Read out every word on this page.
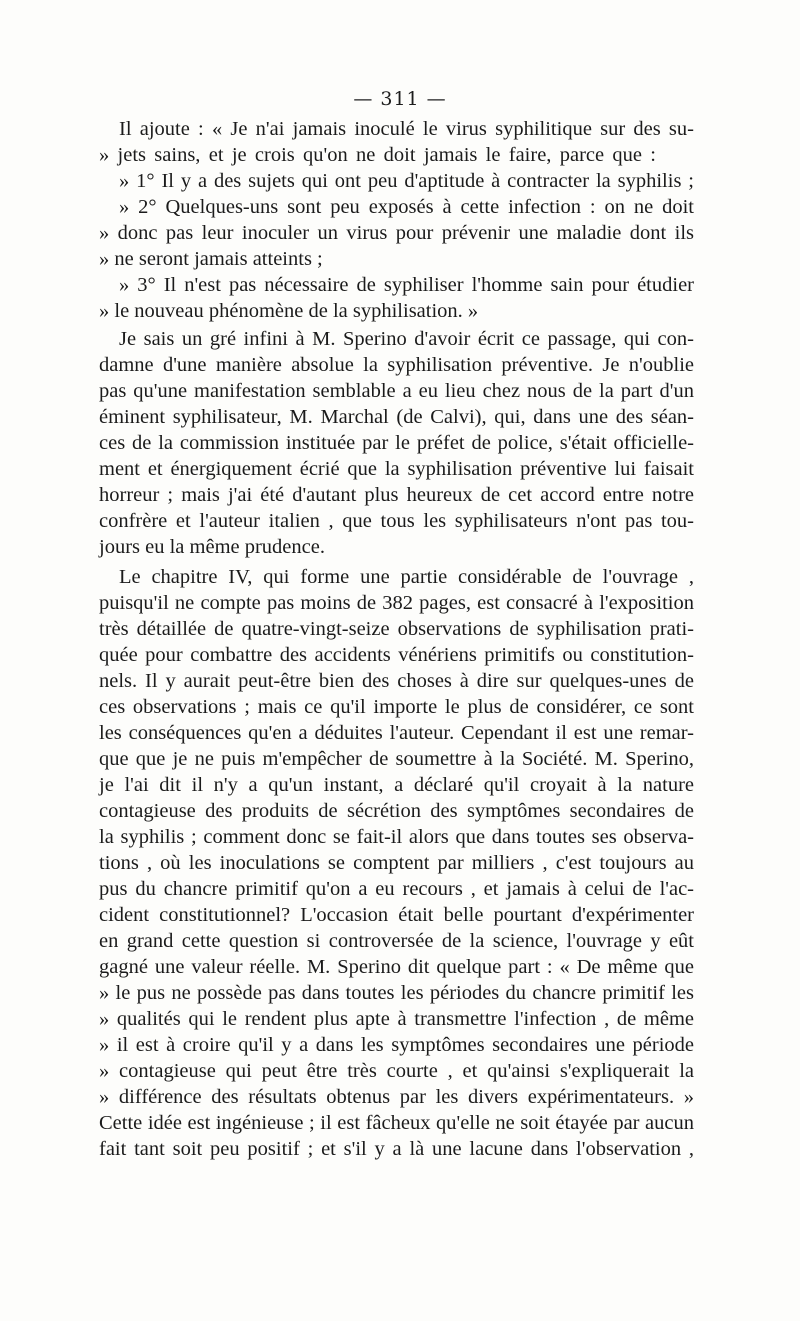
— 311 —
Il ajoute : « Je n'ai jamais inoculé le virus syphilitique sur des su-
» jets sains, et je crois qu'on ne doit jamais le faire, parce que :
» 1° Il y a des sujets qui ont peu d'aptitude à contracter la syphilis ;
» 2° Quelques-uns sont peu exposés à cette infection : on ne doit
» donc pas leur inoculer un virus pour prévenir une maladie dont ils
» ne seront jamais atteints ;
» 3° Il n'est pas nécessaire de syphiliser l'homme sain pour étudier
» le nouveau phénomène de la syphilisation. »
Je sais un gré infini à M. Sperino d'avoir écrit ce passage, qui con-
damne d'une manière absolue la syphilisation préventive. Je n'oublie
pas qu'une manifestation semblable a eu lieu chez nous de la part d'un
éminent syphilisateur, M. Marchal (de Calvi), qui, dans une des séan-
ces de la commission instituée par le préfet de police, s'était officielle-
ment et énergiquement écrié que la syphilisation préventive lui faisait
horreur ; mais j'ai été d'autant plus heureux de cet accord entre notre
confrère et l'auteur italien , que tous les syphilisateurs n'ont pas tou-
jours eu la même prudence.
Le chapitre IV, qui forme une partie considérable de l'ouvrage ,
puisqu'il ne compte pas moins de 382 pages, est consacré à l'exposition
très détaillée de quatre-vingt-seize observations de syphilisation prati-
quée pour combattre des accidents vénériens primitifs ou constitution-
nels. Il y aurait peut-être bien des choses à dire sur quelques-unes de
ces observations ; mais ce qu'il importe le plus de considérer, ce sont
les conséquences qu'en a déduites l'auteur. Cependant il est une remar-
que que je ne puis m'empêcher de soumettre à la Société. M. Sperino,
je l'ai dit il n'y a qu'un instant, a déclaré qu'il croyait à la nature
contagieuse des produits de sécrétion des symptômes secondaires de
la syphilis ; comment donc se fait-il alors que dans toutes ses observa-
tions , où les inoculations se comptent par milliers , c'est toujours au
pus du chancre primitif qu'on a eu recours , et jamais à celui de l'ac-
cident constitutionnel? L'occasion était belle pourtant d'expérimenter
en grand cette question si controversée de la science, l'ouvrage y eût
gagné une valeur réelle. M. Sperino dit quelque part : « De même que
» le pus ne possède pas dans toutes les périodes du chancre primitif les
» qualités qui le rendent plus apte à transmettre l'infection , de même
» il est à croire qu'il y a dans les symptômes secondaires une période
» contagieuse qui peut être très courte , et qu'ainsi s'expliquerait la
» différence des résultats obtenus par les divers expérimentateurs. »
Cette idée est ingénieuse ; il est fâcheux qu'elle ne soit étayée par aucun
fait tant soit peu positif ; et s'il y a là une lacune dans l'observation ,
